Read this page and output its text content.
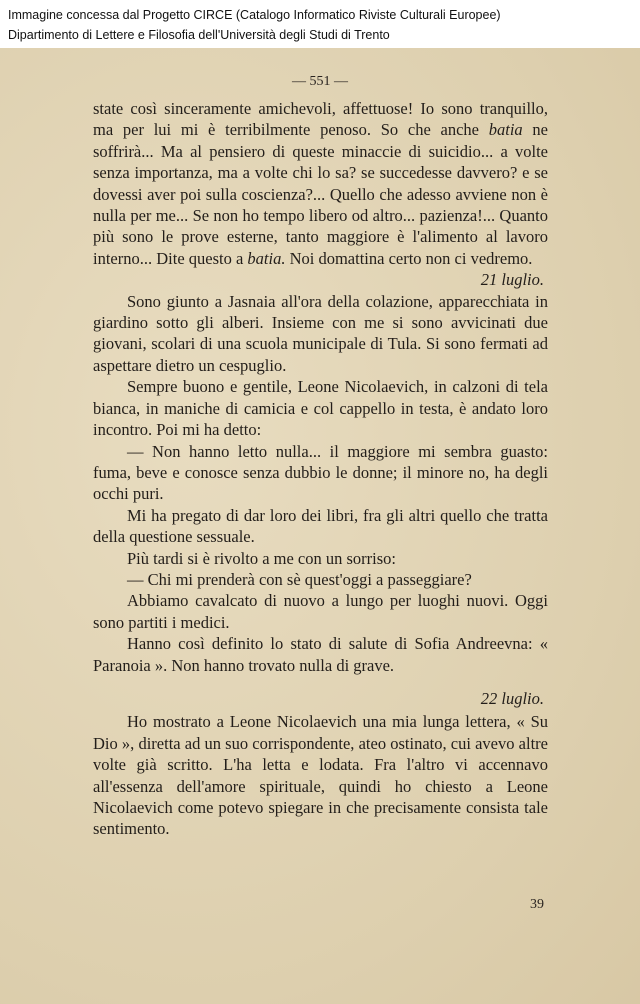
Immagine concessa dal Progetto CIRCE (Catalogo Informatico Riviste Culturali Europee)
Dipartimento di Lettere e Filosofia dell'Università degli Studi di Trento
— 551 —

state così sinceramente amichevoli, affettuose! Io sono tranquillo, ma per lui mi è terribilmente penoso. So che anche batia ne soffrirà... Ma al pensiero di queste minaccie di suicidio... a volte senza importanza, ma a volte chi lo sa? se succedesse davvero? e se dovessi aver poi sulla coscienza?... Quello che adesso avviene non è nulla per me... Se non ho tempo libero od altro... pazienza!... Quanto più sono le prove esterne, tanto maggiore è l'alimento al lavoro interno... Dite questo a batia. Noi domattina certo non ci vedremo.

21 luglio.

Sono giunto a Jasnaia all'ora della colazione, apparecchiata in giardino sotto gli alberi. Insieme con me si sono avvicinati due giovani, scolari di una scuola municipale di Tula. Si sono fermati ad aspettare dietro un cespuglio.

Sempre buono e gentile, Leone Nicolaevich, in calzoni di tela bianca, in maniche di camicia e col cappello in testa, è andato loro incontro. Poi mi ha detto:

— Non hanno letto nulla... il maggiore mi sembra guasto: fuma, beve e conosce senza dubbio le donne; il minore no, ha degli occhi puri.

Mi ha pregato di dar loro dei libri, fra gli altri quello che tratta della questione sessuale.

Più tardi si è rivolto a me con un sorriso:

— Chi mi prenderà con sè quest'oggi a passeggiare?

Abbiamo cavalcato di nuovo a lungo per luoghi nuovi. Oggi sono partiti i medici.

Hanno così definito lo stato di salute di Sofia Andreevna: « Paranoia ». Non hanno trovato nulla di grave.

22 luglio.

Ho mostrato a Leone Nicolaevich una mia lunga lettera, « Su Dio », diretta ad un suo corrispondente, ateo ostinato, cui avevo altre volte già scritto. L'ha letta e lodata. Fra l'altro vi accennavo all'essenza dell'amore spirituale, quindi ho chiesto a Leone Nicolaevich come potevo spiegare in che precisamente consista tale sentimento.

39
